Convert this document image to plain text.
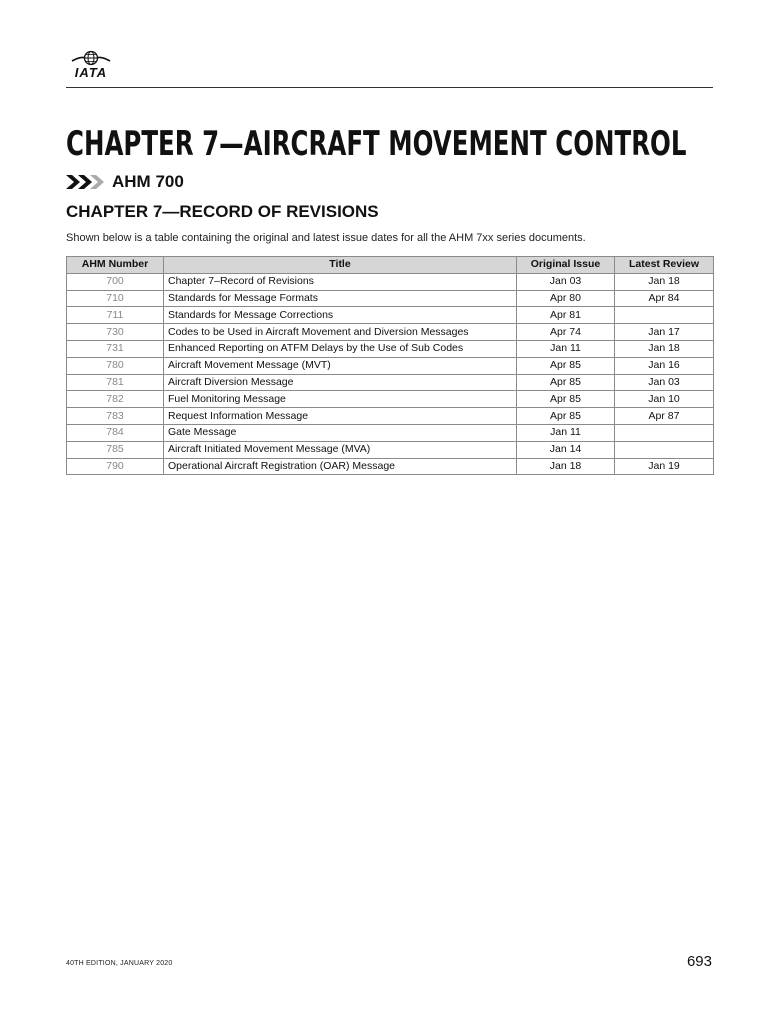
IATA
CHAPTER 7—AIRCRAFT MOVEMENT CONTROL
AHM 700
CHAPTER 7—RECORD OF REVISIONS

Shown below is a table containing the original and latest issue dates for all the AHM 7xx series documents.

AHM Number	Title	Original Issue	Latest Review
700	Chapter 7–Record of Revisions	Jan 03	Jan 18
710	Standards for Message Formats	Apr 80	Apr 84
711	Standards for Message Corrections	Apr 81	
730	Codes to be Used in Aircraft Movement and Diversion Messages	Apr 74	Jan 17
731	Enhanced Reporting on ATFM Delays by the Use of Sub Codes	Jan 11	Jan 18
780	Aircraft Movement Message (MVT)	Apr 85	Jan 16
781	Aircraft Diversion Message	Apr 85	Jan 03
782	Fuel Monitoring Message	Apr 85	Jan 10
783	Request Information Message	Apr 85	Apr 87
784	Gate Message	Jan 11	
785	Aircraft Initiated Movement Message (MVA)	Jan 14	
790	Operational Aircraft Registration (OAR) Message	Jan 18	Jan 19
40TH EDITION, JANUARY 2020	693
